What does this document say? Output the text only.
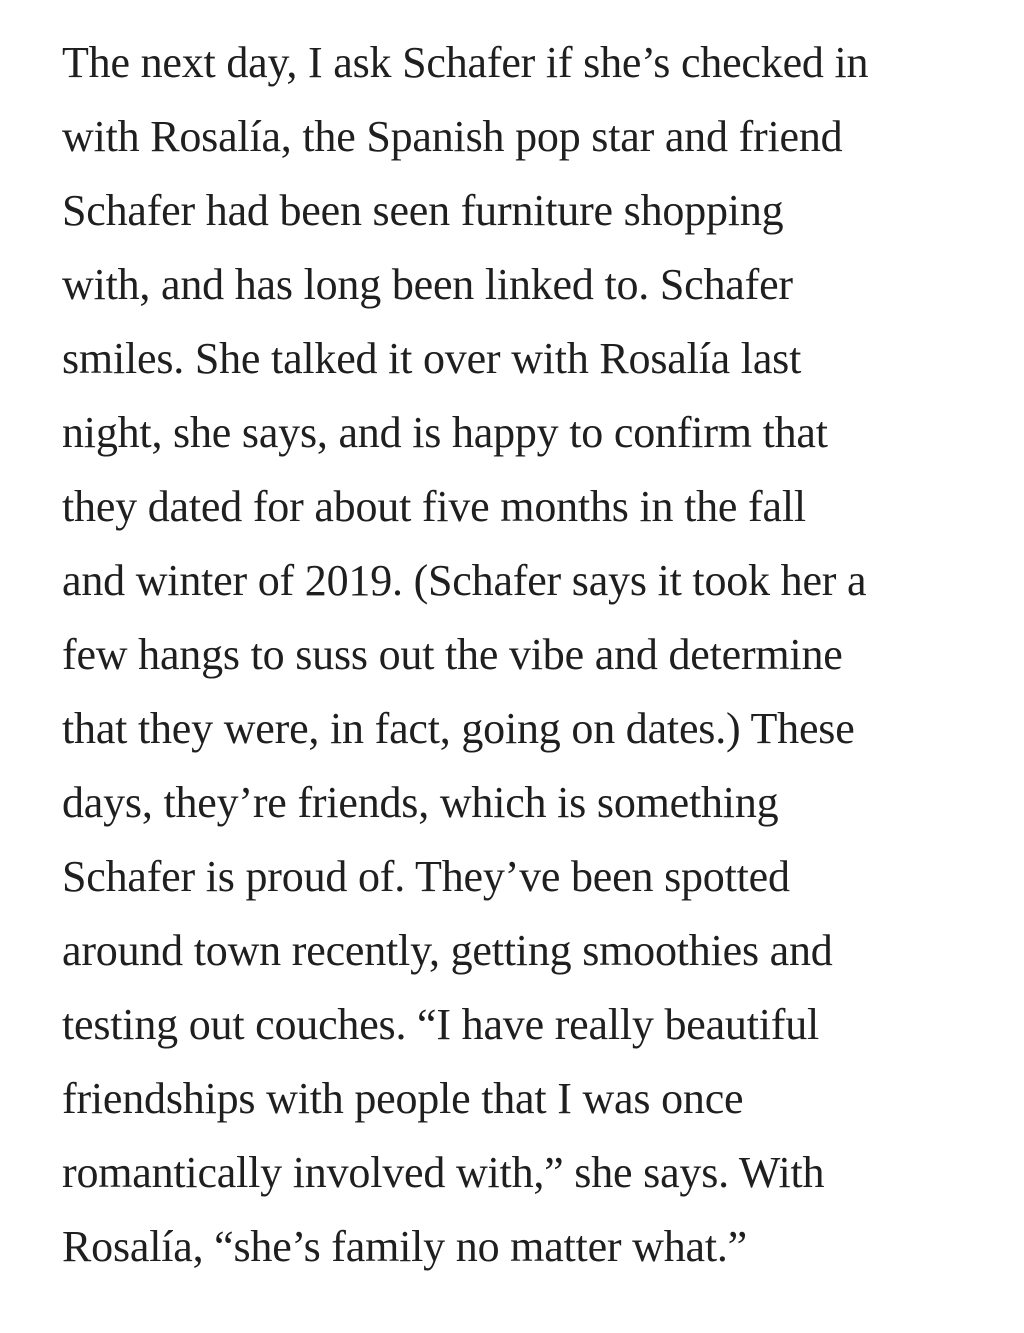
The next day, I ask Schafer if she’s checked in
with Rosalía, the Spanish pop star and friend
Schafer had been seen furniture shopping
with, and has long been linked to. Schafer
smiles. She talked it over with Rosalía last
night, she says, and is happy to confirm that
they dated for about five months in the fall
and winter of 2019. (Schafer says it took her a
few hangs to suss out the vibe and determine
that they were, in fact, going on dates.) These
days, they’re friends, which is something
Schafer is proud of. They’ve been spotted
around town recently, getting smoothies and
testing out couches. “I have really beautiful
friendships with people that I was once
romantically involved with,” she says. With
Rosalía, “she’s family no matter what.”
